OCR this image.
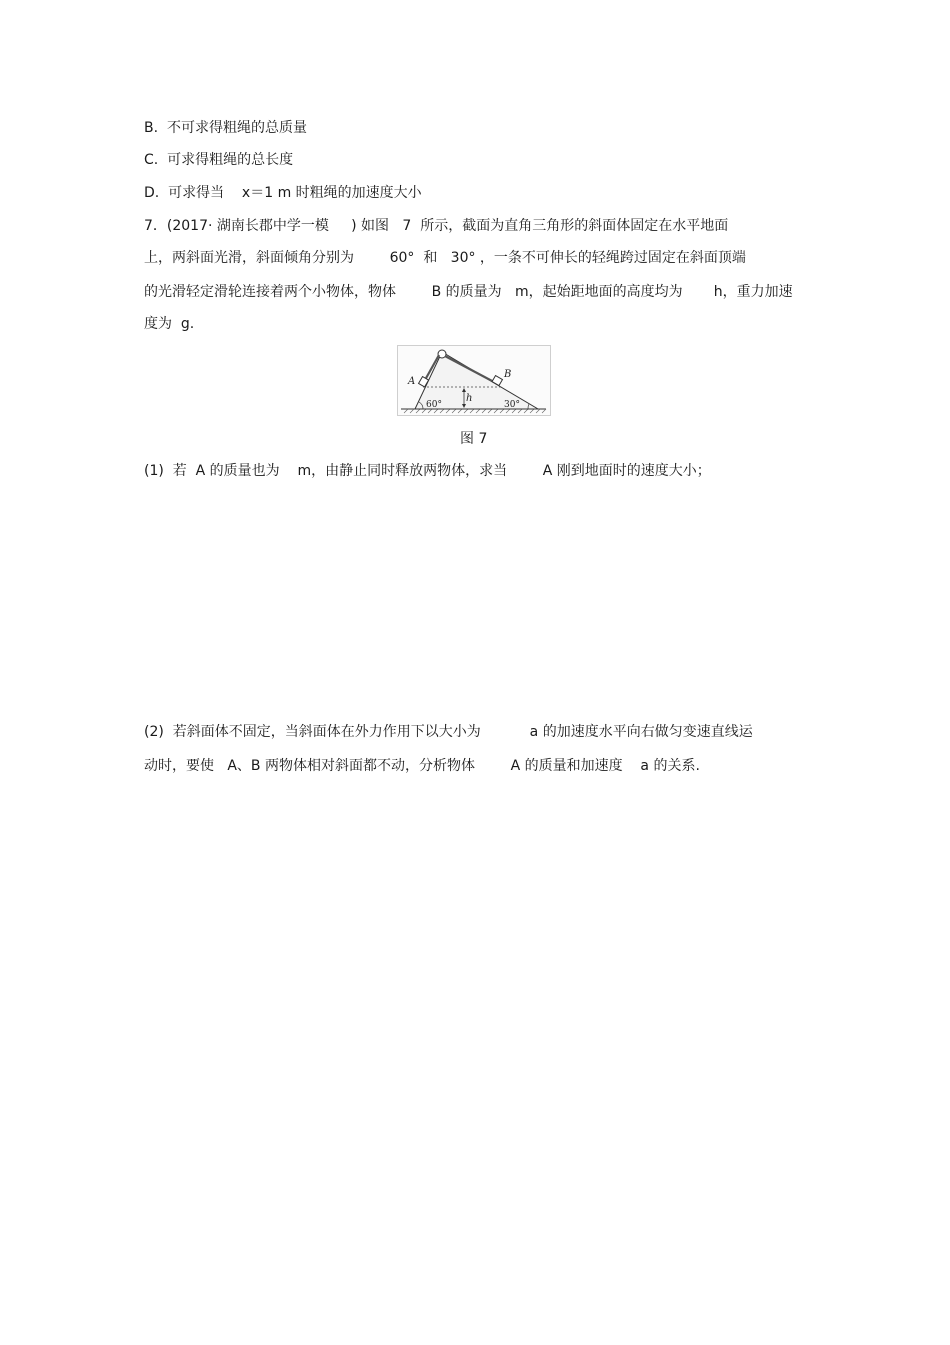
B.  不可求得粗绳的总质量
C.  可求得粗绳的总长度
D.  可求得当    x＝1 m 时粗绳的加速度大小
7．(2017· 湖南长郡中学一模     ) 如图   7  所示，截面为直角三角形的斜面体固定在水平地面
上，两斜面光滑，斜面倾角分别为        60°  和   30° ，一条不可伸长的轻绳跨过固定在斜面顶端
的光滑轻定滑轮连接着两个小物体，物体        B 的质量为   m，起始距地面的高度均为       h，重力加速
度为  g.
A
B
h
60°	30°
图 7
(1)  若  A 的质量也为    m，由静止同时释放两物体，求当        A 刚到地面时的速度大小；
(2)  若斜面体不固定，当斜面体在外力作用下以大小为           a 的加速度水平向右做匀变速直线运
动时，要使   A、B 两物体相对斜面都不动，分析物体        A 的质量和加速度    a 的关系.
